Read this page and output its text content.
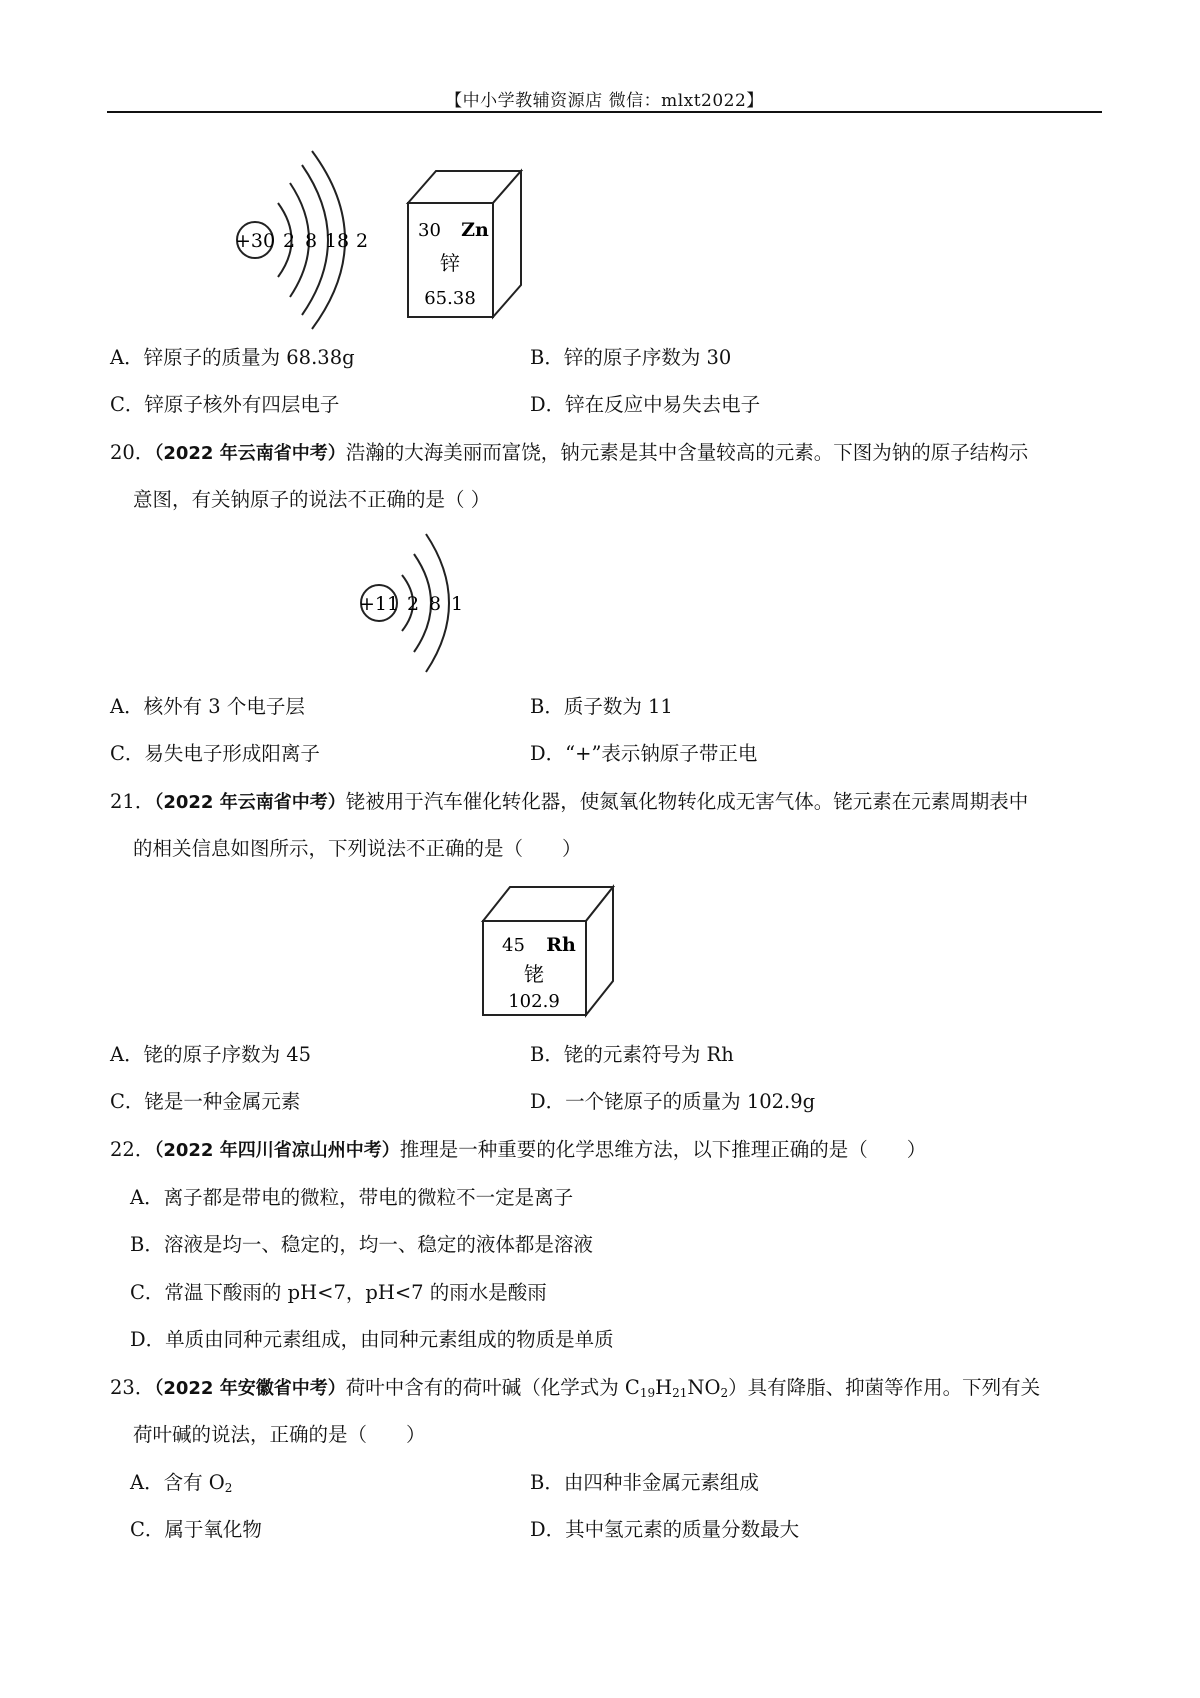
【中小学教辅资源店 微信：mlxt2022】
+30 2 8 18 2	30 Zn
锌
65.38
A．锌原子的质量为 68.38g	B．锌的原子序数为 30
C．锌原子核外有四层电子	D．锌在反应中易失去电子
20．（2022 年云南省中考）浩瀚的大海美丽而富饶，钠元素是其中含量较高的元素。下图为钠的原子结构示
意图，有关钠原子的说法不正确的是（ ）
+11 2 8 1
A．核外有 3 个电子层	B．质子数为 11
C．易失电子形成阳离子	D．“+”表示钠原子带正电
21．（2022 年云南省中考）铑被用于汽车催化转化器，使氮氧化物转化成无害气体。铑元素在元素周期表中
的相关信息如图所示，下列说法不正确的是（　　）
45 Rh
铑
102.9
A．铑的原子序数为 45	B．铑的元素符号为 Rh
C．铑是一种金属元素	D．一个铑原子的质量为 102.9g
22．（2022 年四川省凉山州中考）推理是一种重要的化学思维方法，以下推理正确的是（　　）
A．离子都是带电的微粒，带电的微粒不一定是离子
B．溶液是均一、稳定的，均一、稳定的液体都是溶液
C．常温下酸雨的 pH<7，pH<7 的雨水是酸雨
D．单质由同种元素组成，由同种元素组成的物质是单质
23．（2022 年安徽省中考）荷叶中含有的荷叶碱（化学式为 $C_{19}H_{21}NO_2$）具有降脂、抑菌等作用。下列有关
荷叶碱的说法，正确的是（　　）
A．含有 $O_2$	B．由四种非金属元素组成
C．属于氧化物	D．其中氢元素的质量分数最大
